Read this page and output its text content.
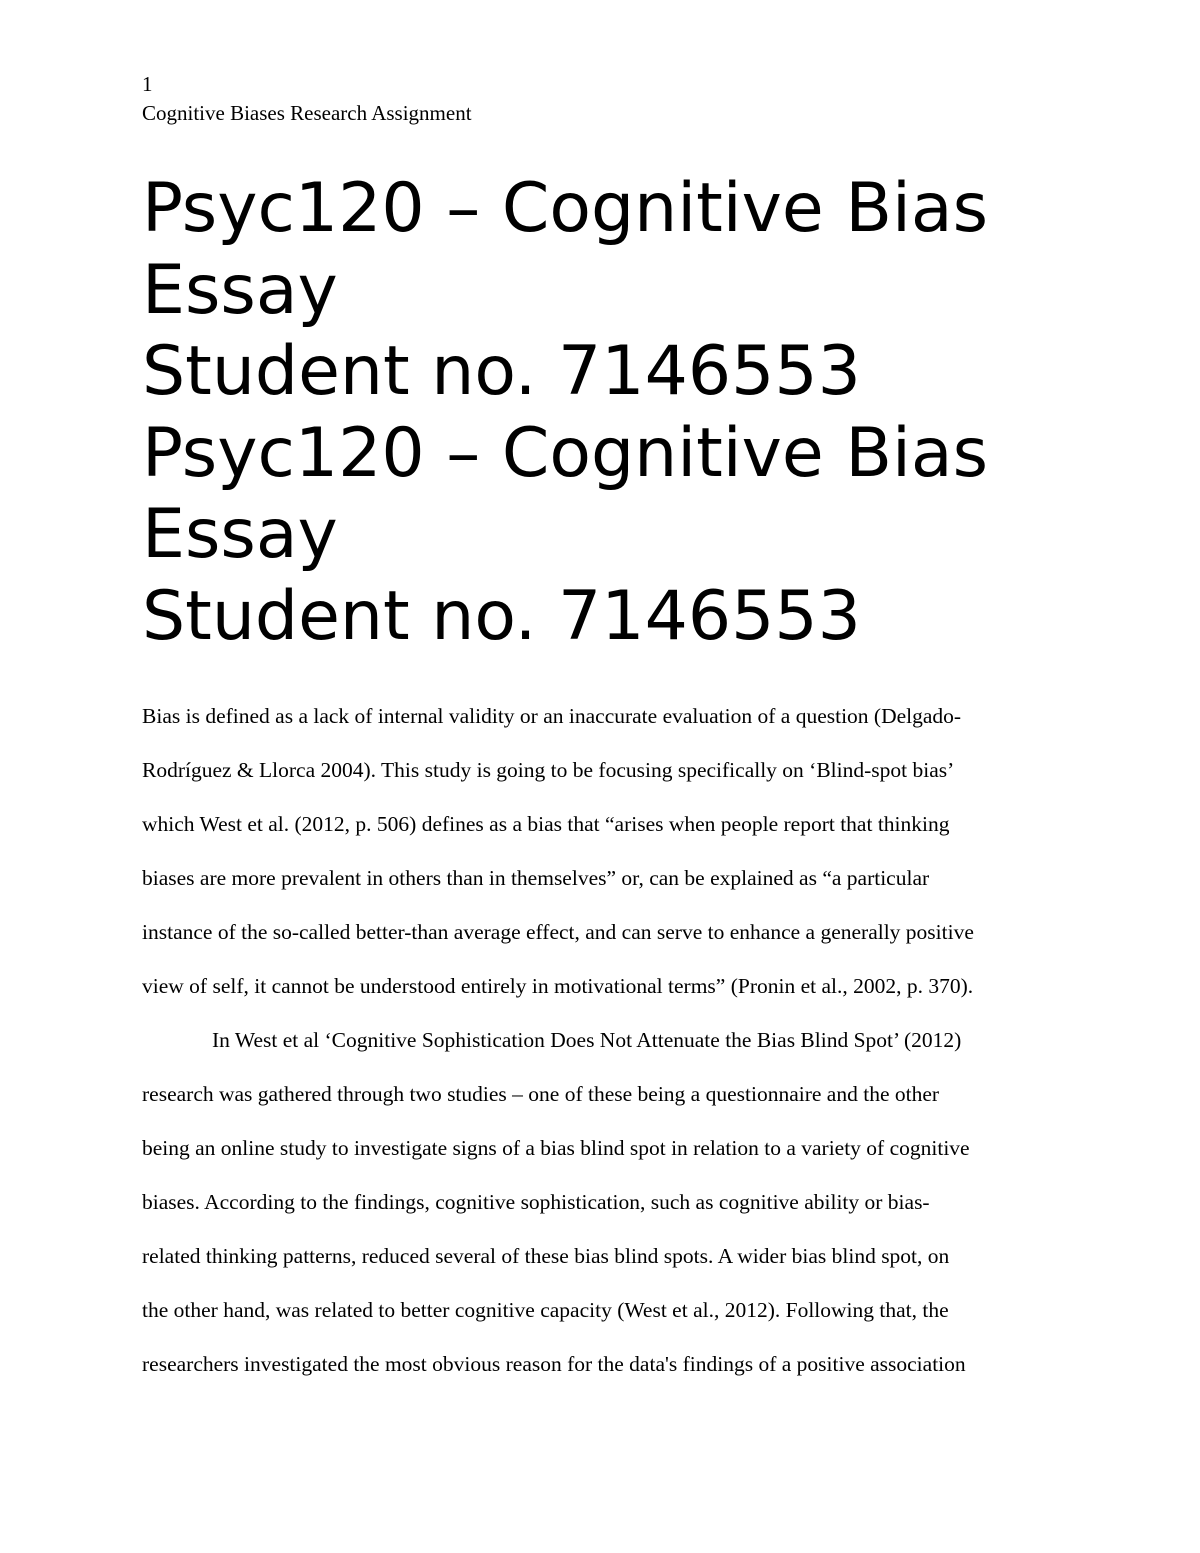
1
Cognitive Biases Research Assignment
Psyc120 – Cognitive Bias
Essay
Student no. 7146553
Psyc120 – Cognitive Bias
Essay
Student no. 7146553
Bias is defined as a lack of internal validity or an inaccurate evaluation of a question (Delgado-
Rodríguez & Llorca 2004). This study is going to be focusing specifically on ‘Blind-spot bias’
which West et al. (2012, p. 506) defines as a bias that “arises when people report that thinking
biases are more prevalent in others than in themselves” or, can be explained as “a particular
instance of the so-called better-than average effect, and can serve to enhance a generally positive
view of self, it cannot be understood entirely in motivational terms” (Pronin et al., 2002, p. 370).
In West et al ‘Cognitive Sophistication Does Not Attenuate the Bias Blind Spot’ (2012)
research was gathered through two studies – one of these being a questionnaire and the other
being an online study to investigate signs of a bias blind spot in relation to a variety of cognitive
biases. According to the findings, cognitive sophistication, such as cognitive ability or bias-
related thinking patterns, reduced several of these bias blind spots. A wider bias blind spot, on
the other hand, was related to better cognitive capacity (West et al., 2012). Following that, the
researchers investigated the most obvious reason for the data's findings of a positive association
